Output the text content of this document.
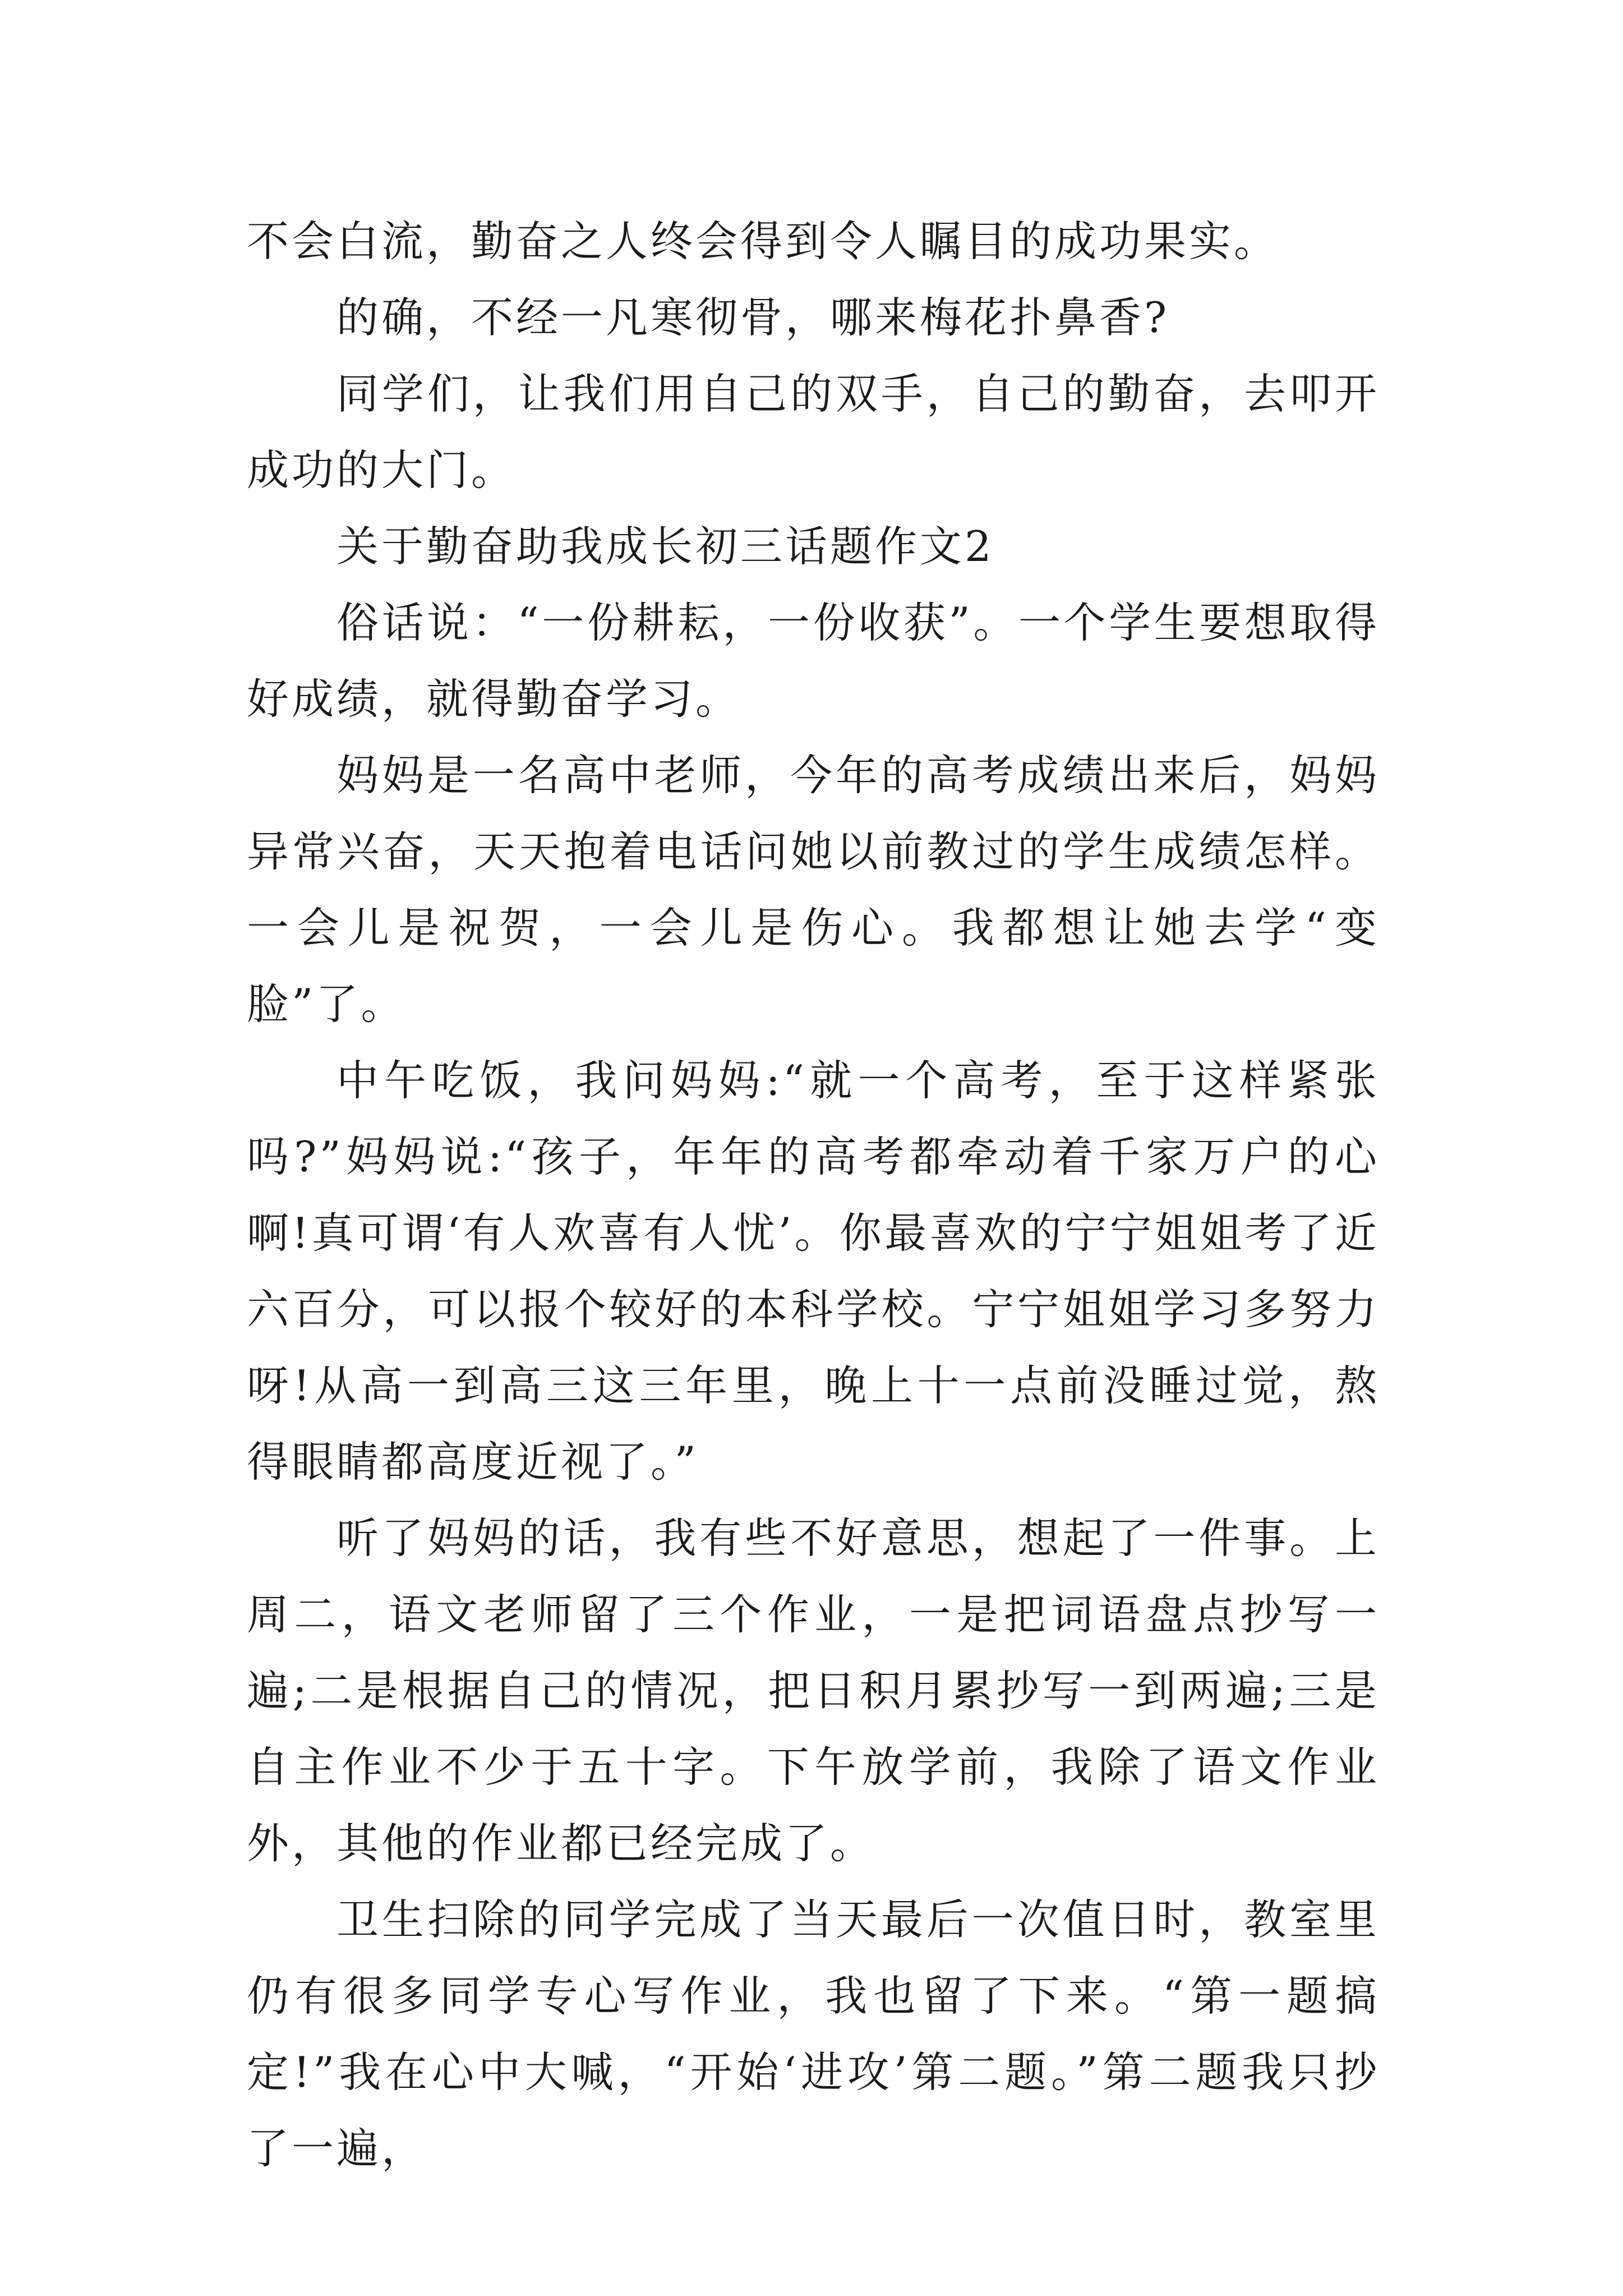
不会白流，勤奋之人终会得到令人瞩目的成功果实。

的确，不经一凡寒彻骨，哪来梅花扑鼻香?

同学们，让我们用自己的双手，自己的勤奋，去叩开成功的大门。

关于勤奋助我成长初三话题作文2

俗话说：“一份耕耘，一份收获”。一个学生要想取得好成绩，就得勤奋学习。

妈妈是一名高中老师，今年的高考成绩出来后，妈妈异常兴奋，天天抱着电话问她以前教过的学生成绩怎样。一会儿是祝贺，一会儿是伤心。我都想让她去学“变脸”了。

中午吃饭，我问妈妈:“就一个高考，至于这样紧张吗?”妈妈说:“孩子，年年的高考都牵动着千家万户的心啊!真可谓‘有人欢喜有人忧’。你最喜欢的宁宁姐姐考了近六百分，可以报个较好的本科学校。宁宁姐姐学习多努力呀!从高一到高三这三年里，晚上十一点前没睡过觉，熬得眼睛都高度近视了。”

听了妈妈的话，我有些不好意思，想起了一件事。上周二，语文老师留了三个作业，一是把词语盘点抄写一遍;二是根据自己的情况，把日积月累抄写一到两遍;三是自主作业不少于五十字。下午放学前，我除了语文作业外，其他的作业都已经完成了。

卫生扫除的同学完成了当天最后一次值日时，教室里仍有很多同学专心写作业，我也留了下来。“第一题搞定!”我在心中大喊，“开始‘进攻’第二题。”第二题我只抄了一遍，
